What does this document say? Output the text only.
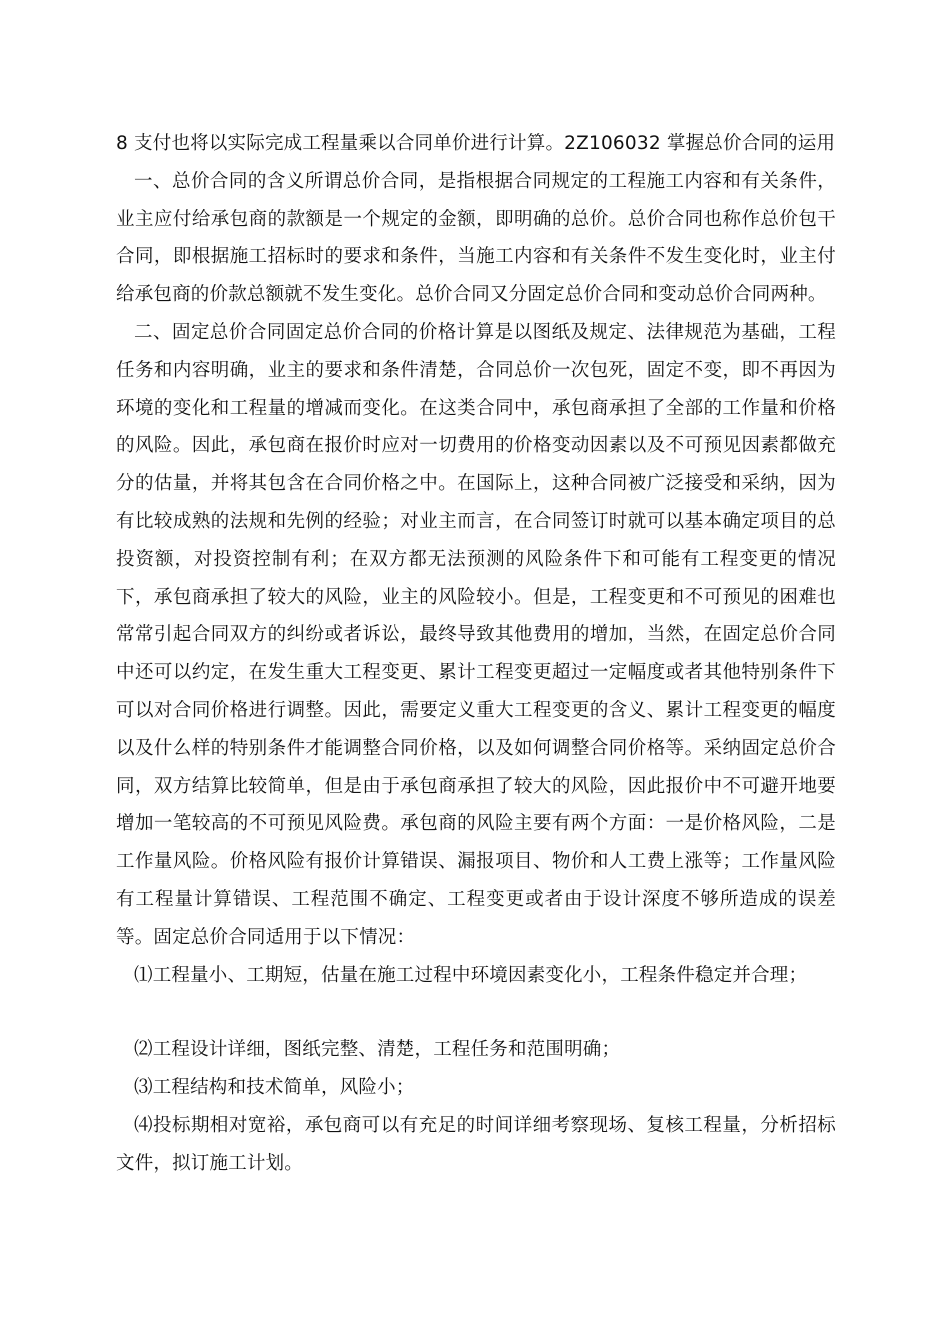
8 支付也将以实际完成工程量乘以合同单价进行计算。2Z106032 掌握总价合同的运用

一、总价合同的含义所谓总价合同，是指根据合同规定的工程施工内容和有关条件，业主应付给承包商的款额是一个规定的金额，即明确的总价。总价合同也称作总价包干合同，即根据施工招标时的要求和条件，当施工内容和有关条件不发生变化时，业主付给承包商的价款总额就不发生变化。总价合同又分固定总价合同和变动总价合同两种。

二、固定总价合同固定总价合同的价格计算是以图纸及规定、法律规范为基础，工程任务和内容明确，业主的要求和条件清楚，合同总价一次包死，固定不变，即不再因为环境的变化和工程量的增减而变化。在这类合同中，承包商承担了全部的工作量和价格的风险。因此，承包商在报价时应对一切费用的价格变动因素以及不可预见因素都做充分的估量，并将其包含在合同价格之中。在国际上，这种合同被广泛接受和采纳，因为有比较成熟的法规和先例的经验；对业主而言，在合同签订时就可以基本确定项目的总投资额，对投资控制有利；在双方都无法预测的风险条件下和可能有工程变更的情况下，承包商承担了较大的风险，业主的风险较小。但是，工程变更和不可预见的困难也常常引起合同双方的纠纷或者诉讼，最终导致其他费用的增加，当然，在固定总价合同中还可以约定，在发生重大工程变更、累计工程变更超过一定幅度或者其他特别条件下可以对合同价格进行调整。因此，需要定义重大工程变更的含义、累计工程变更的幅度以及什么样的特别条件才能调整合同价格，以及如何调整合同价格等。采纳固定总价合同，双方结算比较简单，但是由于承包商承担了较大的风险，因此报价中不可避开地要增加一笔较高的不可预见风险费。承包商的风险主要有两个方面：一是价格风险，二是工作量风险。价格风险有报价计算错误、漏报项目、物价和人工费上涨等；工作量风险有工程量计算错误、工程范围不确定、工程变更或者由于设计深度不够所造成的误差等。固定总价合同适用于以下情况：

⑴工程量小、工期短，估量在施工过程中环境因素变化小，工程条件稳定并合理；

⑵工程设计详细，图纸完整、清楚，工程任务和范围明确；

⑶工程结构和技术简单，风险小；

⑷投标期相对宽裕，承包商可以有充足的时间详细考察现场、复核工程量，分析招标文件，拟订施工计划。
